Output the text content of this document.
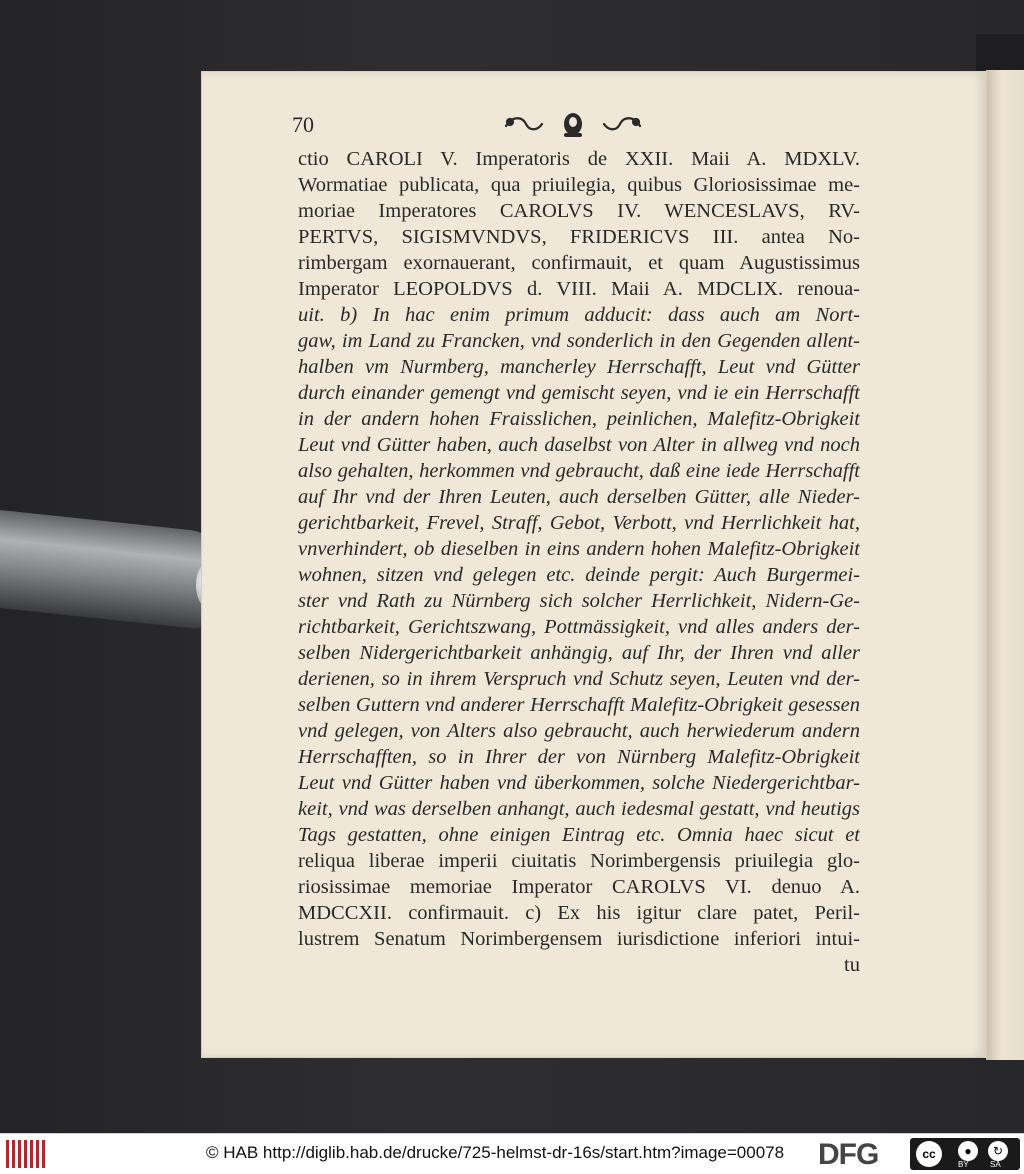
70
ctio CAROLI V. Imperatoris de XXII. Maii A. MDXLV.
Wormatiae publicata, qua priuilegia, quibus Gloriosissimae me-
moriae Imperatores CAROLVS IV. WENCESLAVS, RV-
PERTVS, SIGISMVNDVS, FRIDERICVS III. antea No-
rimbergam exornauerant, confirmauit, et quam Augustissimus
Imperator LEOPOLDVS d. VIII. Maii A. MDCLIX. renoua-
uit. b) In hac enim primum adducit: dass auch am Nort-
gaw, im Land zu Francken, vnd sonderlich in den Gegenden allent-
halben vm Nurmberg, mancherley Herrschafft, Leut vnd Gütter
durch einander gemengt vnd gemischt seyen, vnd ie ein Herrschafft
in der andern hohen Fraisslichen, peinlichen, Malefitz-Obrigkeit
Leut vnd Gütter haben, auch daselbst von Alter in allweg vnd noch
also gehalten, herkommen vnd gebraucht, daß eine iede Herrschafft
auf Ihr vnd der Ihren Leuten, auch derselben Gütter, alle Nieder-
gerichtbarkeit, Frevel, Straff, Gebot, Verbott, vnd Herrlichkeit hat,
vnverhindert, ob dieselben in eins andern hohen Malefitz-Obrigkeit
wohnen, sitzen vnd gelegen etc. deinde pergit: Auch Burgermei-
ster vnd Rath zu Nürnberg sich solcher Herrlichkeit, Nidern-Ge-
richtbarkeit, Gerichtszwang, Pottmässigkeit, vnd alles anders der-
selben Nidergerichtbarkeit anhängig, auf Ihr, der Ihren vnd aller
derienen, so in ihrem Verspruch vnd Schutz seyen, Leuten vnd der-
selben Guttern vnd anderer Herrschafft Malefitz-Obrigkeit gesessen
vnd gelegen, von Alters also gebraucht, auch herwiederum andern
Herrschafften, so in Ihrer der von Nürnberg Malefitz-Obrigkeit
Leut vnd Gütter haben vnd überkommen, solche Niedergerichtbar-
keit, vnd was derselben anhangt, auch iedesmal gestatt, vnd heutigs
Tags gestatten, ohne einigen Eintrag etc. Omnia haec sicut et
reliqua liberae imperii ciuitatis Norimbergensis priuilegia glo-
riosissimae memoriae Imperator CAROLVS VI. denuo A.
MDCCXII. confirmauit. c) Ex his igitur clare patet, Peril-
lustrem Senatum Norimbergensem iurisdictione inferiori intui-
tu
© HAB http://diglib.hab.de/drucke/725-helmst-dr-16s/start.htm?image=00078 DFG	cc	●	↻
BY	SA
